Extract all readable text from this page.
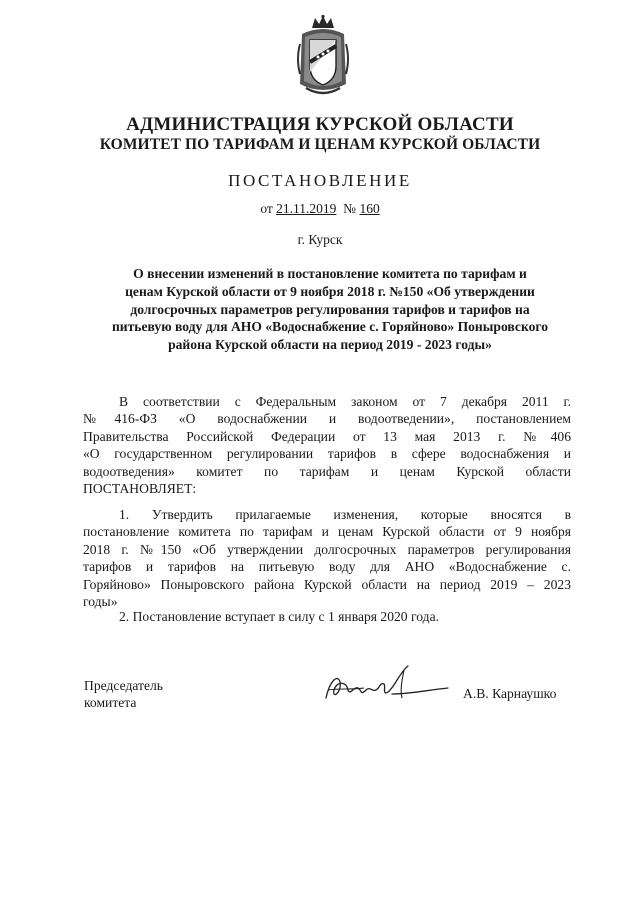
АДМИНИСТРАЦИЯ КУРСКОЙ ОБЛАСТИ
КОМИТЕТ ПО ТАРИФАМ И ЦЕНАМ КУРСКОЙ ОБЛАСТИ
ПОСТАНОВЛЕНИЕ
от 21.11.2019 № 160
г. Курск
О внесении изменений в постановление комитета по тарифам и
ценам Курской области от 9 ноября 2018 г. №150 «Об утверждении
долгосрочных параметров регулирования тарифов и тарифов на
питьевую воду для АНО «Водоснабжение с. Горяйново» Поныровского
района Курской области на период 2019 - 2023 годы»
В соответствии с Федеральным законом от 7 декабря 2011 г.
№416-ФЗ «О водоснабжении и водоотведении», постановлением
Правительства Российской Федерации от 13 мая 2013 г. №406
«О государственном регулировании тарифов в сфере водоснабжения и
водоотведения» комитет по тарифам и ценам Курской области
ПОСТАНОВЛЯЕТ:
1. Утвердить прилагаемые изменения, которые вносятся в
постановление комитета по тарифам и ценам Курской области от 9 ноября
2018 г. №150 «Об утверждении долгосрочных параметров регулирования
тарифов и тарифов на питьевую воду для АНО «Водоснабжение с.
Горяйново» Поныровского района Курской области на период 2019 – 2023
годы»
2. Постановление вступает в силу с 1 января 2020 года.
Председатель
комитета
А.В. Карнаушко
